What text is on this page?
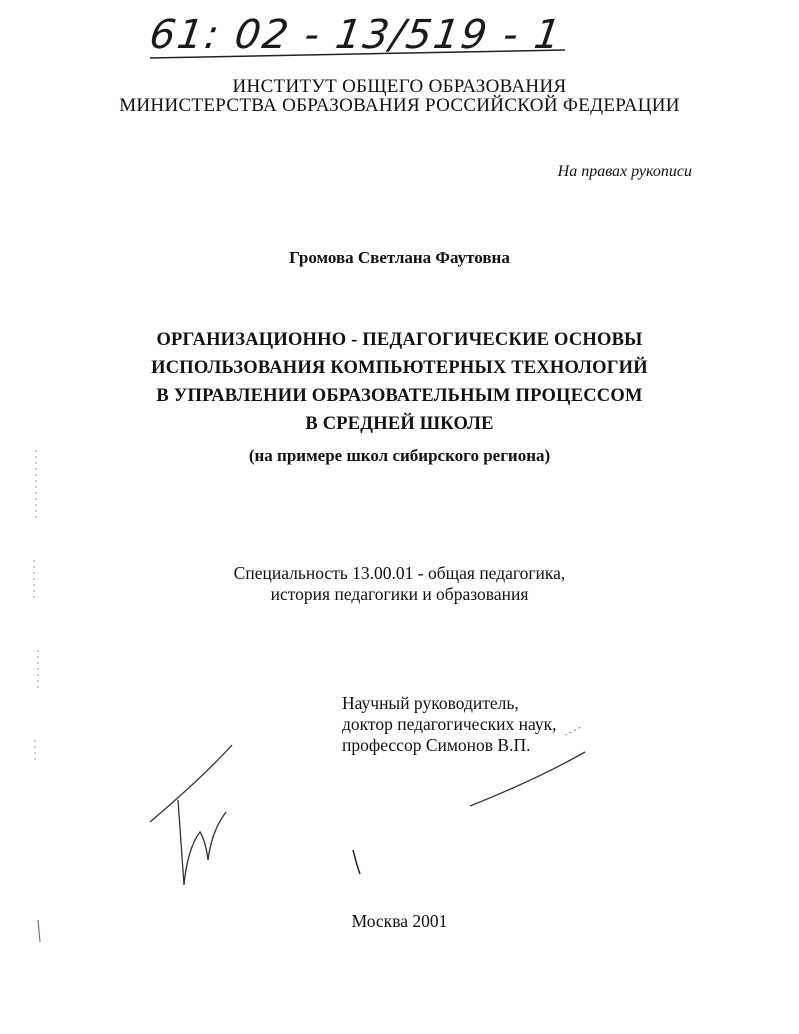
61: 02 - 13/519 - 1
ИНСТИТУТ ОБЩЕГО ОБРАЗОВАНИЯ
МИНИСТЕРСТВА ОБРАЗОВАНИЯ РОССИЙСКОЙ ФЕДЕРАЦИИ
На правах рукописи
Громова Светлана Фаутовна
ОРГАНИЗАЦИОННО - ПЕДАГОГИЧЕСКИЕ ОСНОВЫ
ИСПОЛЬЗОВАНИЯ КОМПЬЮТЕРНЫХ ТЕХНОЛОГИЙ
В УПРАВЛЕНИИ ОБРАЗОВАТЕЛЬНЫМ ПРОЦЕССОМ
В СРЕДНЕЙ ШКОЛЕ
(на примере школ сибирского региона)
Специальность 13.00.01 - общая педагогика,
история педагогики и образования
Научный руководитель,
доктор педагогических наук,
профессор Симонов В.П.
Москва 2001
